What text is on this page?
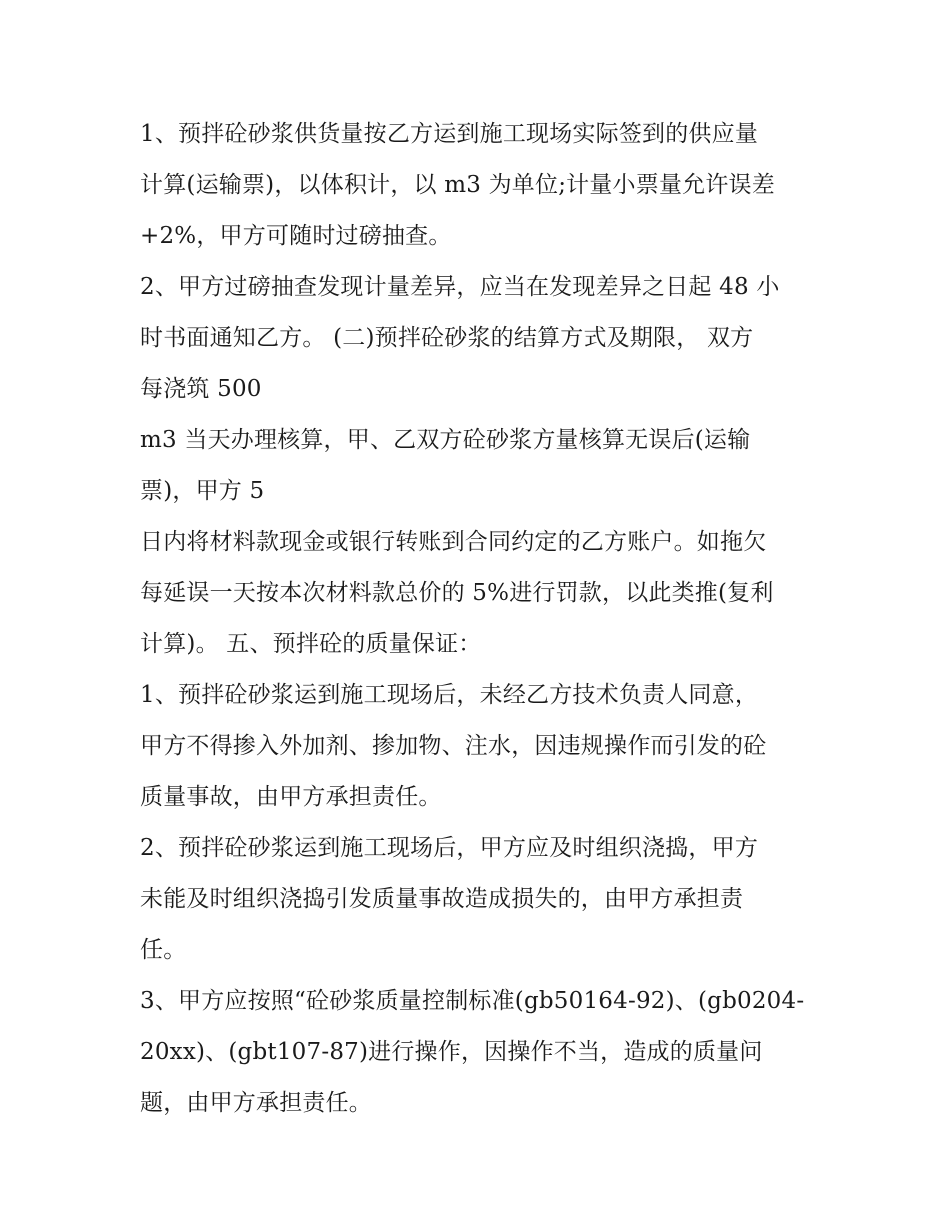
1、预拌砼砂浆供货量按乙方运到施工现场实际签到的供应量
计算(运输票)，以体积计，以 m3 为单位;计量小票量允许误差
+2%，甲方可随时过磅抽查。
2、甲方过磅抽查发现计量差异，应当在发现差异之日起 48 小
时书面通知乙方。 (二)预拌砼砂浆的结算方式及期限， 双方
每浇筑 500
m3 当天办理核算，甲、乙双方砼砂浆方量核算无误后(运输
票)，甲方 5
日内将材料款现金或银行转账到合同约定的乙方账户。如拖欠
每延误一天按本次材料款总价的 5%进行罚款，以此类推(复利
计算)。 五、预拌砼的质量保证：
1、预拌砼砂浆运到施工现场后，未经乙方技术负责人同意，
甲方不得掺入外加剂、掺加物、注水，因违规操作而引发的砼
质量事故，由甲方承担责任。
2、预拌砼砂浆运到施工现场后，甲方应及时组织浇捣，甲方
未能及时组织浇捣引发质量事故造成损失的，由甲方承担责
任。
3、甲方应按照“砼砂浆质量控制标准(gb50164-92)、(gb0204-
20xx)、(gbt107-87)进行操作，因操作不当，造成的质量问
题，由甲方承担责任。
